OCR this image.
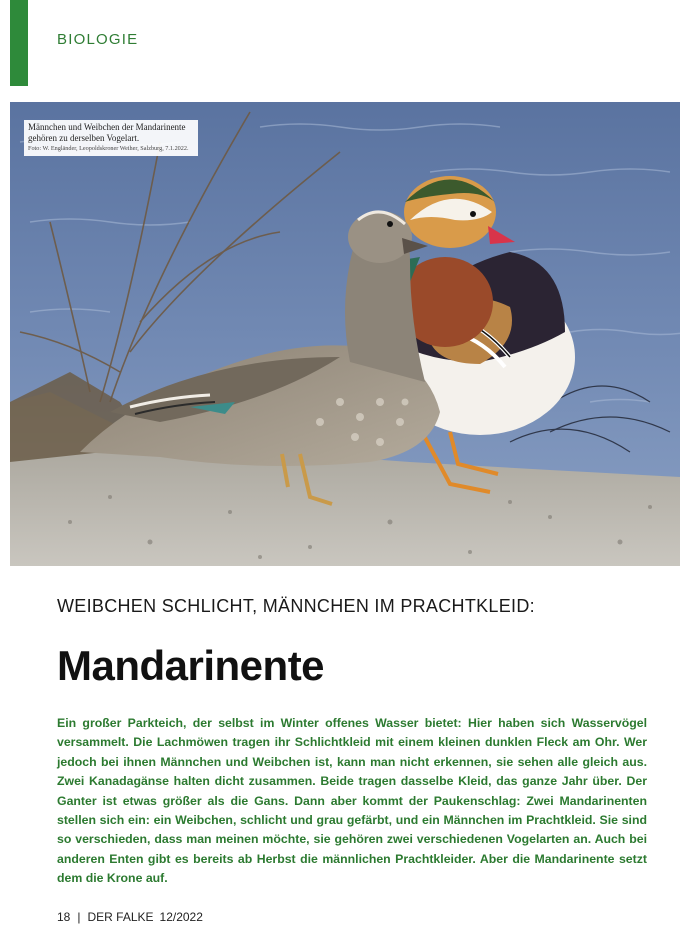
BIOLOGIE
Männchen und Weibchen der Mandarinente gehören zu derselben Vogelart.
Foto: W. Engländer, Leopoldskroner Weiher, Salzburg, 7.1.2022.
WEIBCHEN SCHLICHT, MÄNNCHEN IM PRACHTKLEID:
Mandarinente

Ein großer Parkteich, der selbst im Winter offenes Wasser bietet: Hier haben sich Wasservögel versammelt. Die Lachmöwen tragen ihr Schlichtkleid mit einem kleinen dunklen Fleck am Ohr. Wer jedoch bei ihnen Männchen und Weibchen ist, kann man nicht erkennen, sie sehen alle gleich aus. Zwei Kanadagänse halten dicht zusammen. Beide tragen dasselbe Kleid, das ganze Jahr über. Der Ganter ist etwas größer als die Gans. Dann aber kommt der Paukenschlag: Zwei Mandarinenten stellen sich ein: ein Weibchen, schlicht und grau gefärbt, und ein Männchen im Prachtkleid. Sie sind so verschieden, dass man meinen möchte, sie gehören zwei verschiedenen Vogelarten an. Auch bei anderen Enten gibt es bereits ab Herbst die männlichen Prachtkleider. Aber die Mandarinente setzt dem die Krone auf.

18 | DER FALKE 12/2022
